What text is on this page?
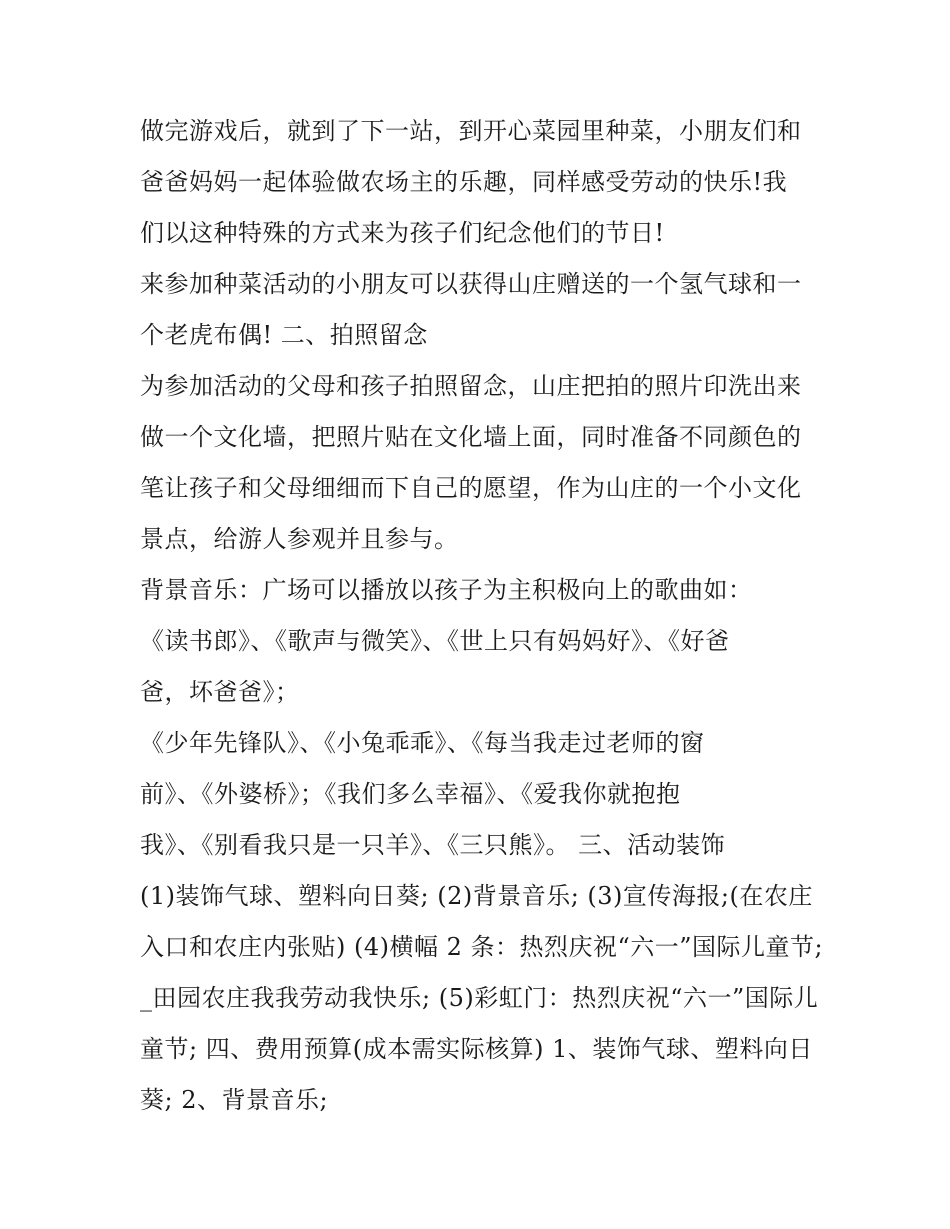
做完游戏后，就到了下一站，到开心菜园里种菜，小朋友们和
爸爸妈妈一起体验做农场主的乐趣，同样感受劳动的快乐!我
们以这种特殊的方式来为孩子们纪念他们的节日!
来参加种菜活动的小朋友可以获得山庄赠送的一个氢气球和一
个老虎布偶! 二、拍照留念
为参加活动的父母和孩子拍照留念，山庄把拍的照片印洗出来
做一个文化墙，把照片贴在文化墙上面，同时准备不同颜色的
笔让孩子和父母细细而下自己的愿望，作为山庄的一个小文化
景点，给游人参观并且参与。
背景音乐：广场可以播放以孩子为主积极向上的歌曲如：
《读书郎》、《歌声与微笑》、《世上只有妈妈好》、《好爸
爸，坏爸爸》；
《少年先锋队》、《小兔乖乖》、《每当我走过老师的窗
前》、《外婆桥》；《我们多么幸福》、《爱我你就抱抱
我》、《别看我只是一只羊》、《三只熊》。 三、活动装饰
(1)装饰气球、塑料向日葵; (2)背景音乐; (3)宣传海报;(在农庄
入口和农庄内张贴) (4)横幅 2 条：热烈庆祝“六一”国际儿童节;
_田园农庄我我劳动我快乐; (5)彩虹门：热烈庆祝“六一”国际儿
童节; 四、费用预算(成本需实际核算) 1、装饰气球、塑料向日
葵; 2、背景音乐;
